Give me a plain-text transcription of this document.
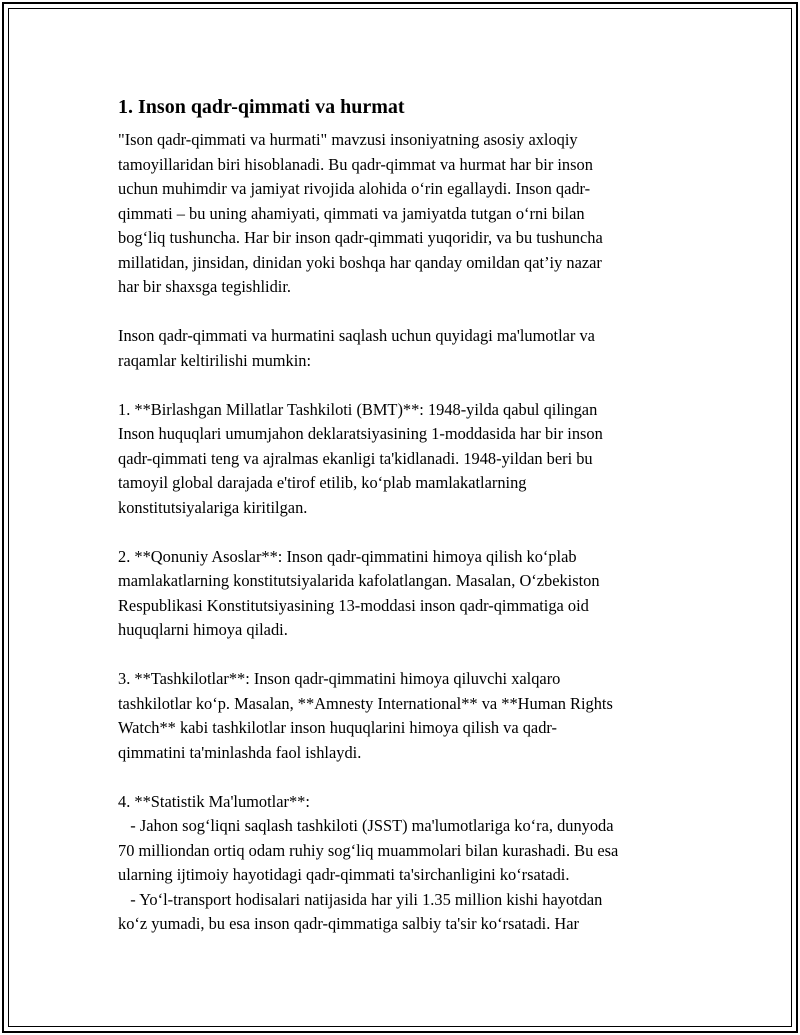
1. Inson qadr-qimmati va hurmat
"Ison qadr-qimmati va hurmati" mavzusi insoniyatning asosiy axloqiy
tamoyillaridan biri hisoblanadi. Bu qadr-qimmat va hurmat har bir inson
uchun muhimdir va jamiyat rivojida alohida o‘rin egallaydi. Inson qadr-
qimmati – bu uning ahamiyati, qimmati va jamiyatda tutgan o‘rni bilan
bog‘liq tushuncha. Har bir inson qadr-qimmati yuqoridir, va bu tushuncha
millatidan, jinsidan, dinidan yoki boshqa har qanday omildan qat’iy nazar
har bir shaxsga tegishlidir.
Inson qadr-qimmati va hurmatini saqlash uchun quyidagi ma'lumotlar va
raqamlar keltirilishi mumkin:
1. **Birlashgan Millatlar Tashkiloti (BMT)**: 1948-yilda qabul qilingan
Inson huquqlari umumjahon deklaratsiyasining 1-moddasida har bir inson
qadr-qimmati teng va ajralmas ekanligi ta'kidlanadi. 1948-yildan beri bu
tamoyil global darajada e'tirof etilib, ko‘plab mamlakatlarning
konstitutsiyalariga kiritilgan.
2. **Qonuniy Asoslar**: Inson qadr-qimmatini himoya qilish ko‘plab
mamlakatlarning konstitutsiyalarida kafolatlangan. Masalan, O‘zbekiston
Respublikasi Konstitutsiyasining 13-moddasi inson qadr-qimmatiga oid
huquqlarni himoya qiladi.
3. **Tashkilotlar**: Inson qadr-qimmatini himoya qiluvchi xalqaro
tashkilotlar ko‘p. Masalan, **Amnesty International** va **Human Rights
Watch** kabi tashkilotlar inson huquqlarini himoya qilish va qadr-
qimmatini ta'minlashda faol ishlaydi.
4. **Statistik Ma'lumotlar**:
- Jahon sog‘liqni saqlash tashkiloti (JSST) ma'lumotlariga ko‘ra, dunyoda
70 milliondan ortiq odam ruhiy sog‘liq muammolari bilan kurashadi. Bu esa
ularning ijtimoiy hayotidagi qadr-qimmati ta'sirchanligini ko‘rsatadi.
- Yo‘l-transport hodisalari natijasida har yili 1.35 million kishi hayotdan
ko‘z yumadi, bu esa inson qadr-qimmatiga salbiy ta'sir ko‘rsatadi. Har
